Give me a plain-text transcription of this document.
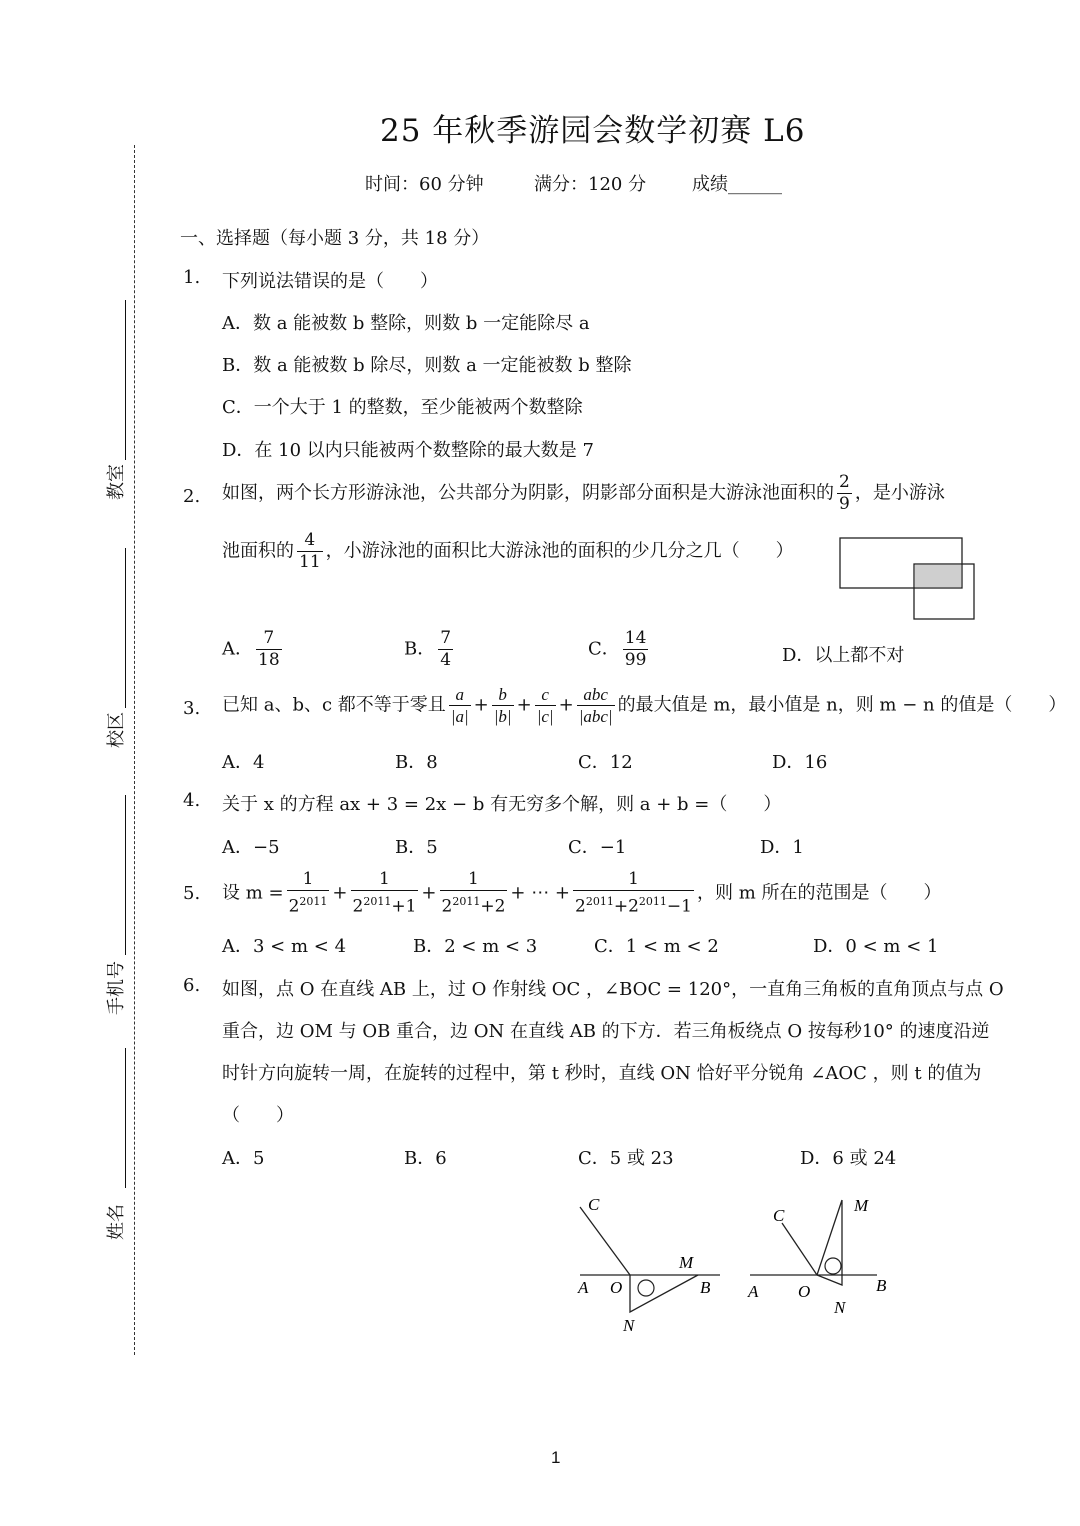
教室
校区
手机号
姓名
25 年秋季游园会数学初赛 L6
时间：60 分钟	满分：120 分	成绩______
一、选择题（每小题 3 分，共 18 分）
1. 下列说法错误的是（　　）
A．数 a 能被数 b 整除，则数 b 一定能除尽 a
B．数 a 能被数 b 除尽，则数 a 一定能被数 b 整除
C．一个大于 1 的整数，至少能被两个数整除
D．在 10 以内只能被两个数整除的最大数是 7
2. 如图，两个长方形游泳池，公共部分为阴影，阴影部分面积是大游泳池面积的 $\frac{2}{9}$ ，是小游泳
池面积的 $\frac{4}{11}$ ，小游泳池的面积比大游泳池的面积的少几分之几（　　）
A． $\frac{7}{18}$	B． $\frac{7}{4}$	C． $\frac{14}{99}$	D．以上都不对
3. 已知 a、b、c 都不等于零且 $\frac{a}{|a|} + \frac{b}{|b|} + \frac{c}{|c|} + \frac{\text{abc}}{\text{|abc|}}$ 的最大值是 m，最小值是 n，则 m − n 的值是（　　）
A．4	B．8	C．12	D．16
4. 关于 x 的方程 ax + 3 = 2x − b 有无穷多个解，则 a + b =（　　）
A．−5	B．5	C．−1	D．1
5. 设 $m = \frac{1}{2^{2011}} + \frac{1}{2^{2011}+1} + \frac{1}{2^{2011}+2}$ + ⋯ + $\frac{1}{2^{2011}+2^{2011}-1}$ ，则 m 所在的范围是（　　）
A．3 < m < 4	B．2 < m < 3	C．1 < m < 2	D．0 < m < 1
6. 如图，点 O 在直线 AB 上，过 O 作射线 OC ，∠BOC = 120°，一直角三角板的直角顶点与点 O
重合，边 OM 与 OB 重合，边 ON 在直线 AB 的下方．若三角板绕点 O 按每秒10° 的速度沿逆
时针方向旋转一周，在旋转的过程中，第 t 秒时，直线 ON 恰好平分锐角 ∠AOC ，则 t 的值为
（　　）
A．5	B．6	C．5 或 23	D．6 或 24
C
A O
M
B
N
C
M
A O
N
B
1
